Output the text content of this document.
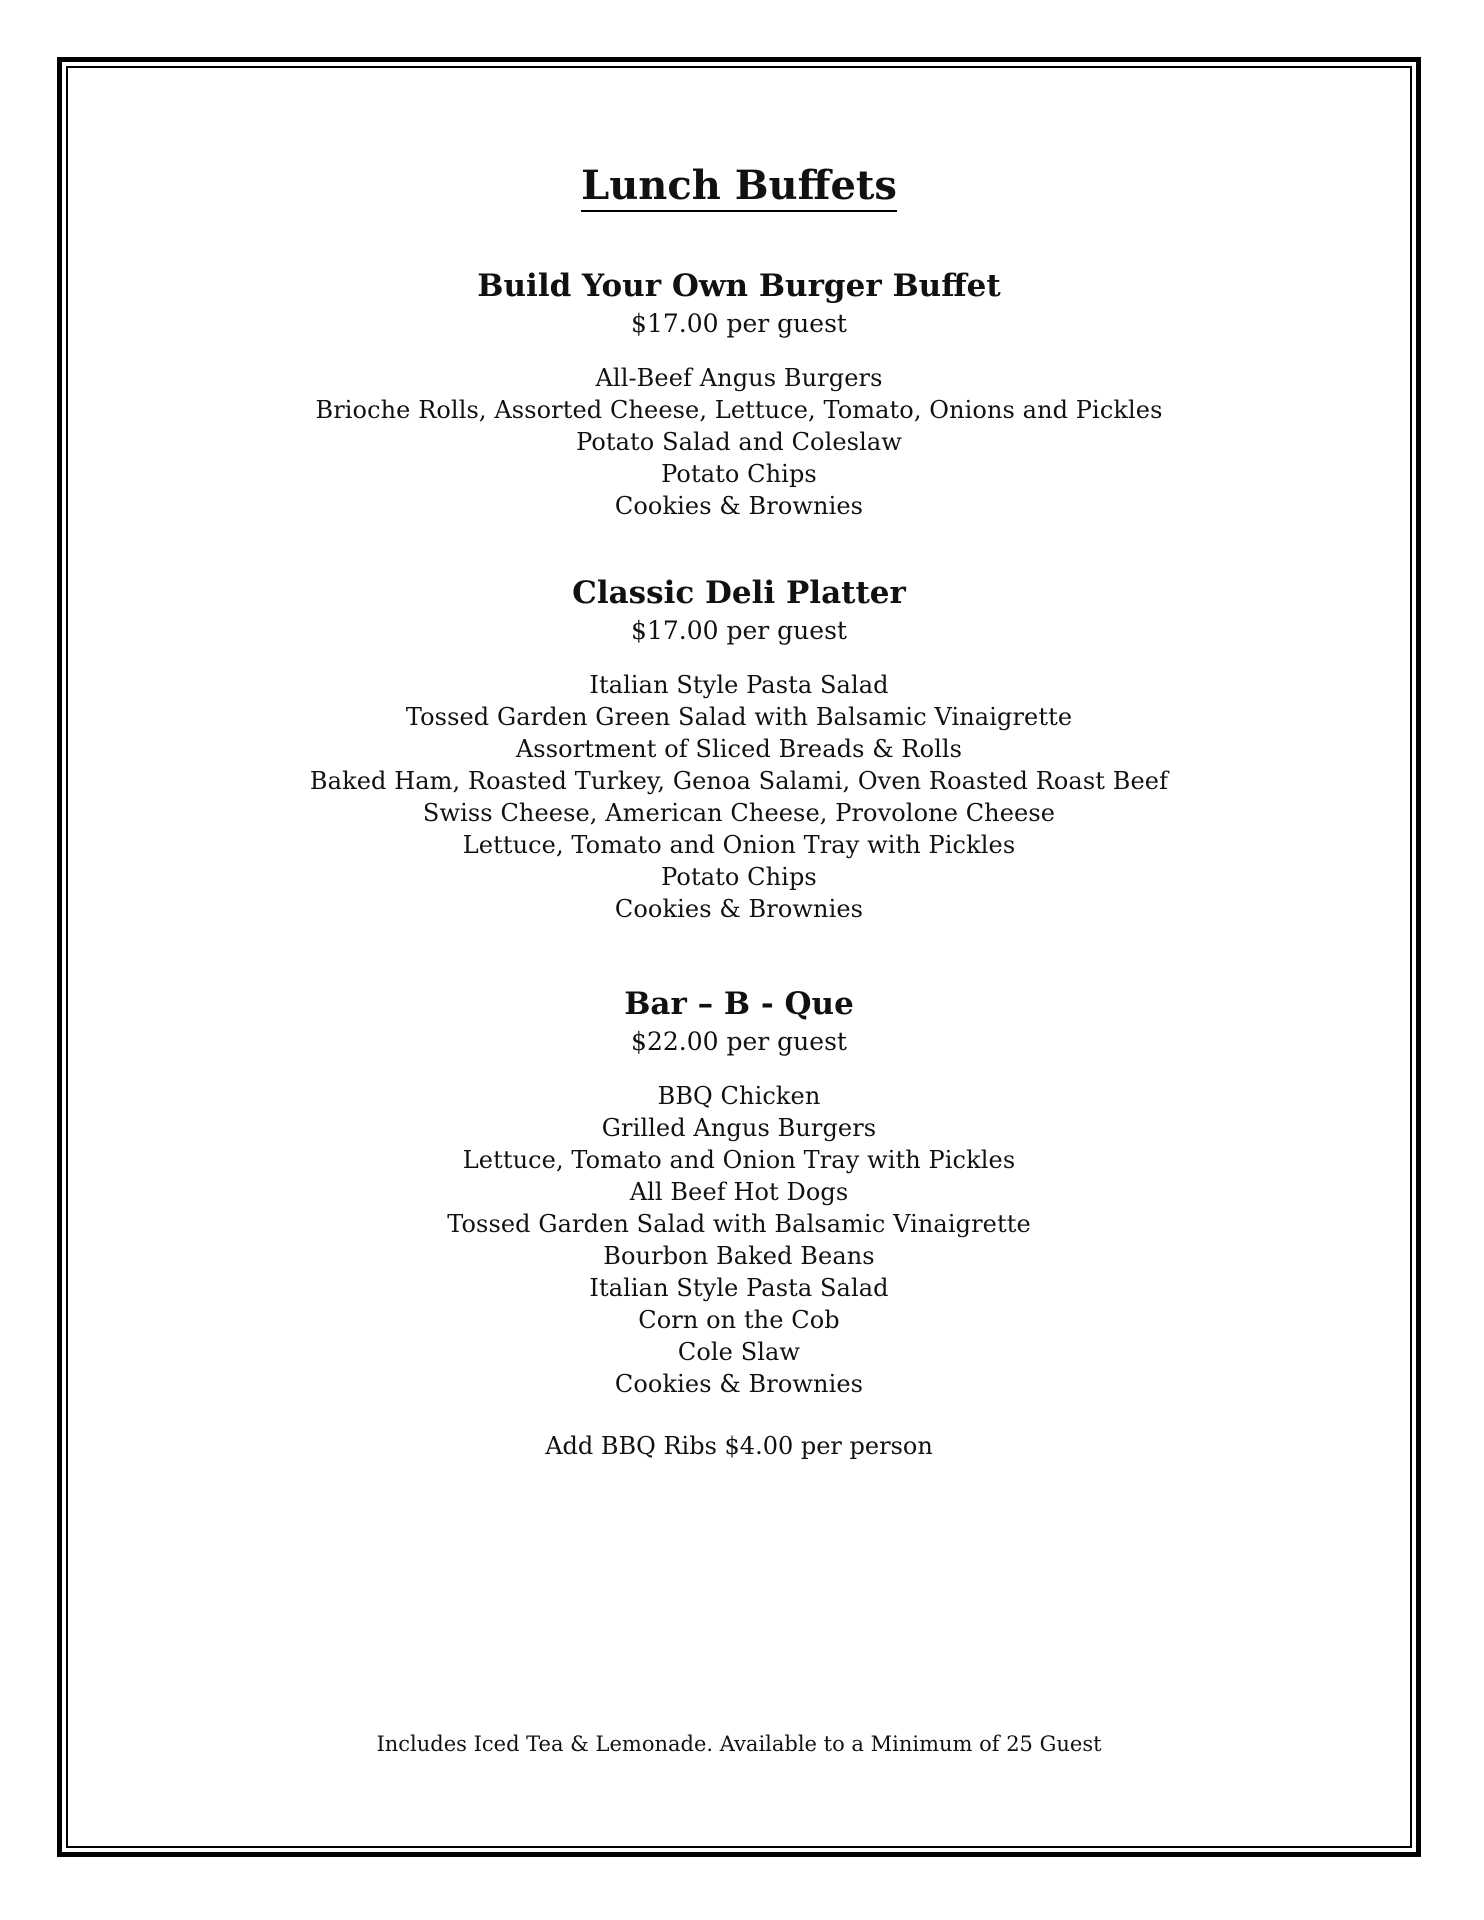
Lunch Buffets
Build Your Own Burger Buffet

$17.00 per guest

All-Beef Angus Burgers
Brioche Rolls, Assorted Cheese, Lettuce, Tomato, Onions and Pickles
Potato Salad and Coleslaw
Potato Chips
Cookies & Brownies
Classic Deli Platter

$17.00 per guest

Italian Style Pasta Salad
Tossed Garden Green Salad with Balsamic Vinaigrette
Assortment of Sliced Breads & Rolls
Baked Ham, Roasted Turkey, Genoa Salami, Oven Roasted Roast Beef
Swiss Cheese, American Cheese, Provolone Cheese
Lettuce, Tomato and Onion Tray with Pickles
Potato Chips
Cookies & Brownies
Bar – B - Que

$22.00 per guest

BBQ Chicken
Grilled Angus Burgers
Lettuce, Tomato and Onion Tray with Pickles
All Beef Hot Dogs
Tossed Garden Salad with Balsamic Vinaigrette
Bourbon Baked Beans
Italian Style Pasta Salad
Corn on the Cob
Cole Slaw
Cookies & Brownies
Add BBQ Ribs $4.00 per person
Includes Iced Tea & Lemonade. Available to a Minimum of 25 Guest
